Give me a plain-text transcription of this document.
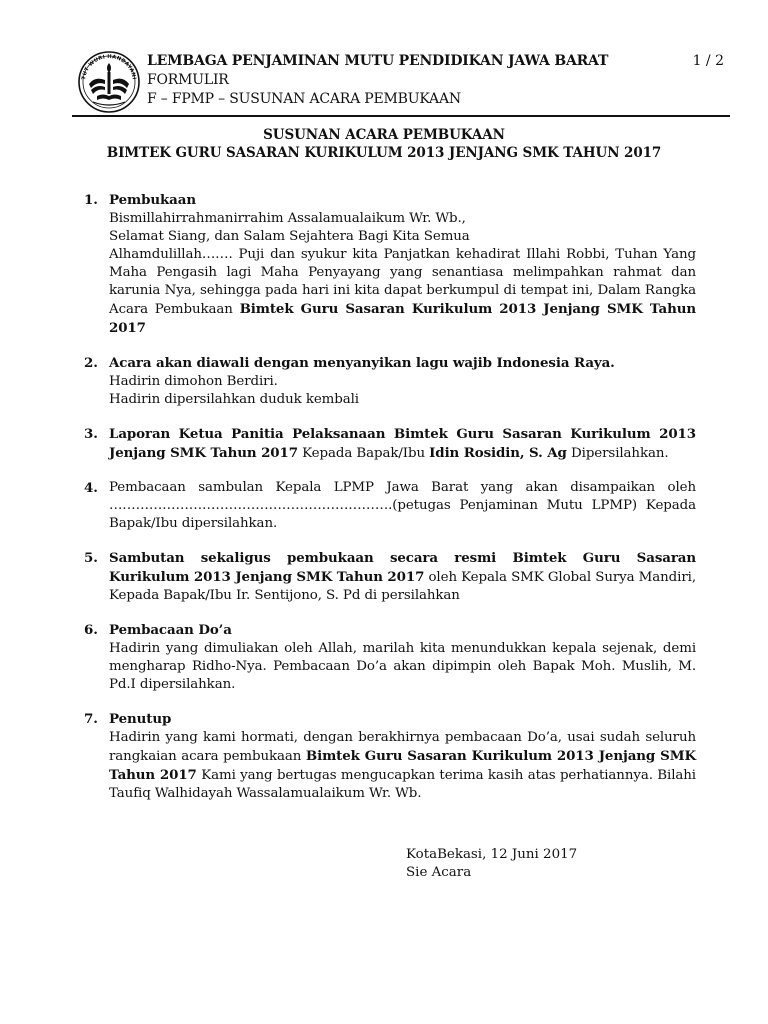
TUT WURI HANDAYANI
LEMBAGA PENJAMINAN MUTU PENDIDIKAN JAWA BARAT
FORMULIR
F – FPMP – SUSUNAN ACARA PEMBUKAAN
1 / 2
SUSUNAN ACARA PEMBUKAAN
BIMTEK GURU SASARAN KURIKULUM 2013 JENJANG SMK TAHUN 2017
1. Pembukaan

Bismillahirrahmanirrahim Assalamualaikum Wr. Wb.,

Selamat Siang, dan Salam Sejahtera Bagi Kita Semua

Alhamdulillah……. Puji dan syukur kita Panjatkan kehadirat Illahi Robbi, Tuhan Yang Maha Pengasih lagi Maha Penyayang yang senantiasa melimpahkan rahmat dan karunia Nya, sehingga pada hari ini kita dapat berkumpul di tempat ini, Dalam Rangka Acara Pembukaan Bimtek Guru Sasaran Kurikulum 2013 Jenjang SMK Tahun 2017

2. Acara akan diawali dengan menyanyikan lagu wajib Indonesia Raya.

Hadirin dimohon Berdiri.

Hadirin dipersilahkan duduk kembali

3. Laporan Ketua Panitia Pelaksanaan Bimtek Guru Sasaran Kurikulum 2013 Jenjang SMK Tahun 2017 Kepada Bapak/Ibu Idin Rosidin, S. Ag Dipersilahkan.

4. Pembacaan sambulan Kepala LPMP Jawa Barat yang akan disampaikan oleh ……………………………………………………….(petugas Penjaminan Mutu LPMP) Kepada Bapak/Ibu dipersilahkan.

5. Sambutan sekaligus pembukaan secara resmi Bimtek Guru Sasaran Kurikulum 2013 Jenjang SMK Tahun 2017 oleh Kepala SMK Global Surya Mandiri, Kepada Bapak/Ibu Ir. Sentijono, S. Pd di persilahkan

6. Pembacaan Do’a

Hadirin yang dimuliakan oleh Allah, marilah kita menundukkan kepala sejenak, demi mengharap Ridho-Nya. Pembacaan Do’a akan dipimpin oleh Bapak Moh. Muslih, M. Pd.I dipersilahkan.

7. Penutup

Hadirin yang kami hormati, dengan berakhirnya pembacaan Do’a, usai sudah seluruh rangkaian acara pembukaan Bimtek Guru Sasaran Kurikulum 2013 Jenjang SMK Tahun 2017 Kami yang bertugas mengucapkan terima kasih atas perhatiannya. Bilahi Taufiq Walhidayah Wassalamualaikum Wr. Wb.

KotaBekasi, 12 Juni 2017
Sie Acara
